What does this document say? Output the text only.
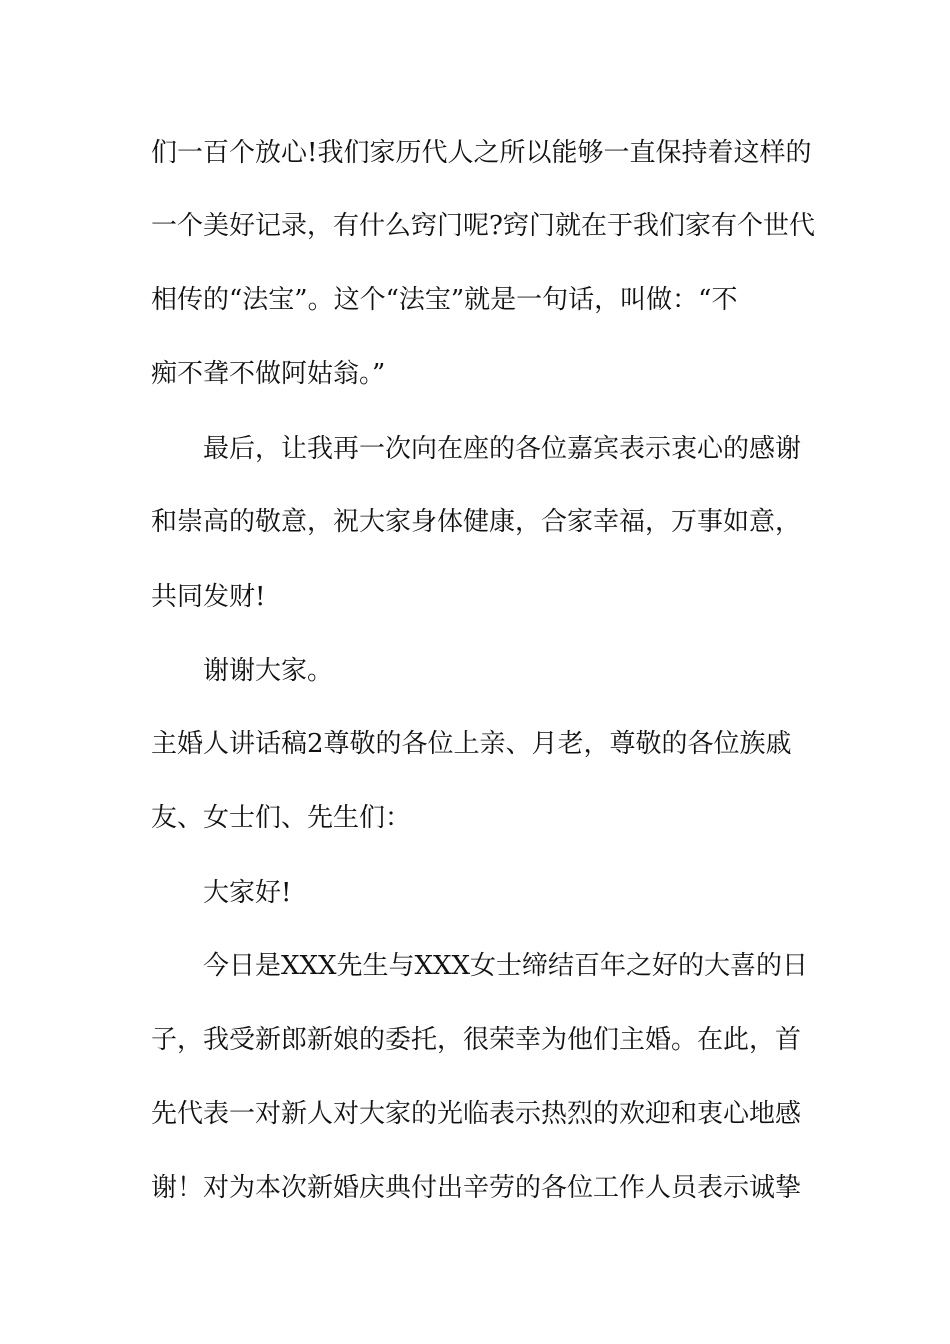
们一百个放心!我们家历代人之所以能够一直保持着这样的

一个美好记录，有什么窍门呢?窍门就在于我们家有个世代

相传的“法宝”。这个“法宝”就是一句话，叫做：“不

痴不聋不做阿姑翁。”

最后，让我再一次向在座的各位嘉宾表示衷心的感谢

和崇高的敬意，祝大家身体健康，合家幸福，万事如意，

共同发财!

谢谢大家。

主婚人讲话稿2尊敬的各位上亲、月老，尊敬的各位族戚

友、女士们、先生们：

大家好!

今日是XXX先生与XXX女士缔结百年之好的大喜的日

子，我受新郎新娘的委托，很荣幸为他们主婚。在此，首

先代表一对新人对大家的光临表示热烈的欢迎和衷心地感

谢！对为本次新婚庆典付出辛劳的各位工作人员表示诚挚
